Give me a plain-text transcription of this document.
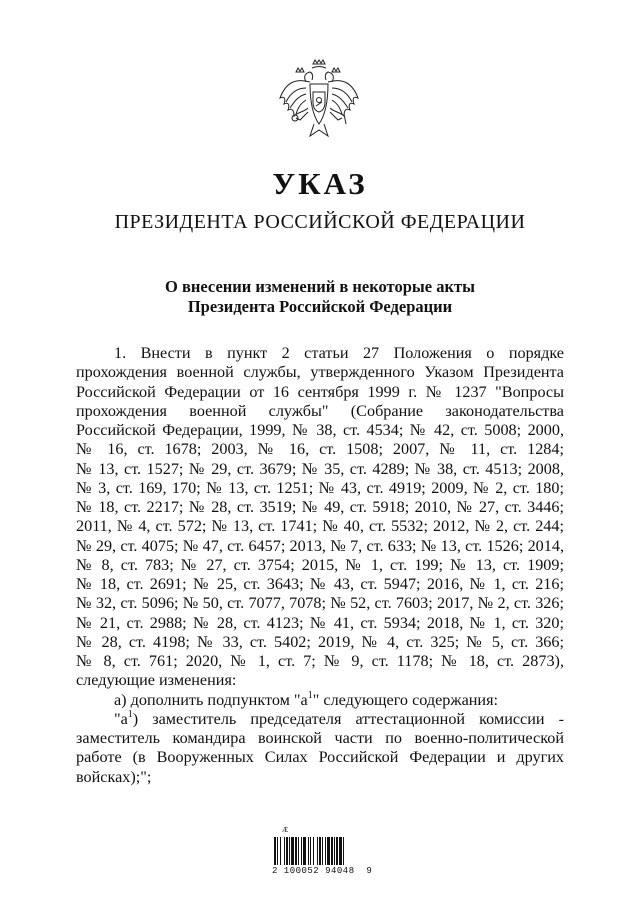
УКАЗ
ПРЕЗИДЕНТА РОССИЙСКОЙ ФЕДЕРАЦИИ
О внесении изменений в некоторые акты
Президента Российской Федерации
1. Внести в пункт 2 статьи 27 Положения о порядке
прохождения военной службы, утвержденного Указом Президента
Российской Федерации от 16 сентября 1999 г. № 1237 "Вопросы
прохождения военной службы" (Собрание законодательства
Российской Федерации, 1999, № 38, ст. 4534; № 42, ст. 5008; 2000,
№ 16, ст. 1678; 2003, № 16, ст. 1508; 2007, № 11, ст. 1284;
№ 13, ст. 1527; № 29, ст. 3679; № 35, ст. 4289; № 38, ст. 4513; 2008,
№ 3, ст. 169, 170; № 13, ст. 1251; № 43, ст. 4919; 2009, № 2, ст. 180;
№ 18, ст. 2217; № 28, ст. 3519; № 49, ст. 5918; 2010, № 27, ст. 3446;
2011, № 4, ст. 572; № 13, ст. 1741; № 40, ст. 5532; 2012, № 2, ст. 244;
№ 29, ст. 4075; № 47, ст. 6457; 2013, № 7, ст. 633; № 13, ст. 1526; 2014,
№ 8, ст. 783; № 27, ст. 3754; 2015, № 1, ст. 199; № 13, ст. 1909;
№ 18, ст. 2691; № 25, ст. 3643; № 43, ст. 5947; 2016, № 1, ст. 216;
№ 32, ст. 5096; № 50, ст. 7077, 7078; № 52, ст. 7603; 2017, № 2, ст. 326;
№ 21, ст. 2988; № 28, ст. 4123; № 41, ст. 5934; 2018, № 1, ст. 320;
№ 28, ст. 4198; № 33, ст. 5402; 2019, № 4, ст. 325; № 5, ст. 366;
№ 8, ст. 761; 2020, № 1, ст. 7; № 9, ст. 1178; № 18, ст. 2873),
следующие изменения:
а) дополнить подпунктом "$а^1$" следующего содержания:
"$а^1$) заместитель председателя аттестационной комиссии -
заместитель командира воинской части по военно-политической
работе (в Вооруженных Силах Российской Федерации и других
войсках);";
Æ
2 100052 94048  9
